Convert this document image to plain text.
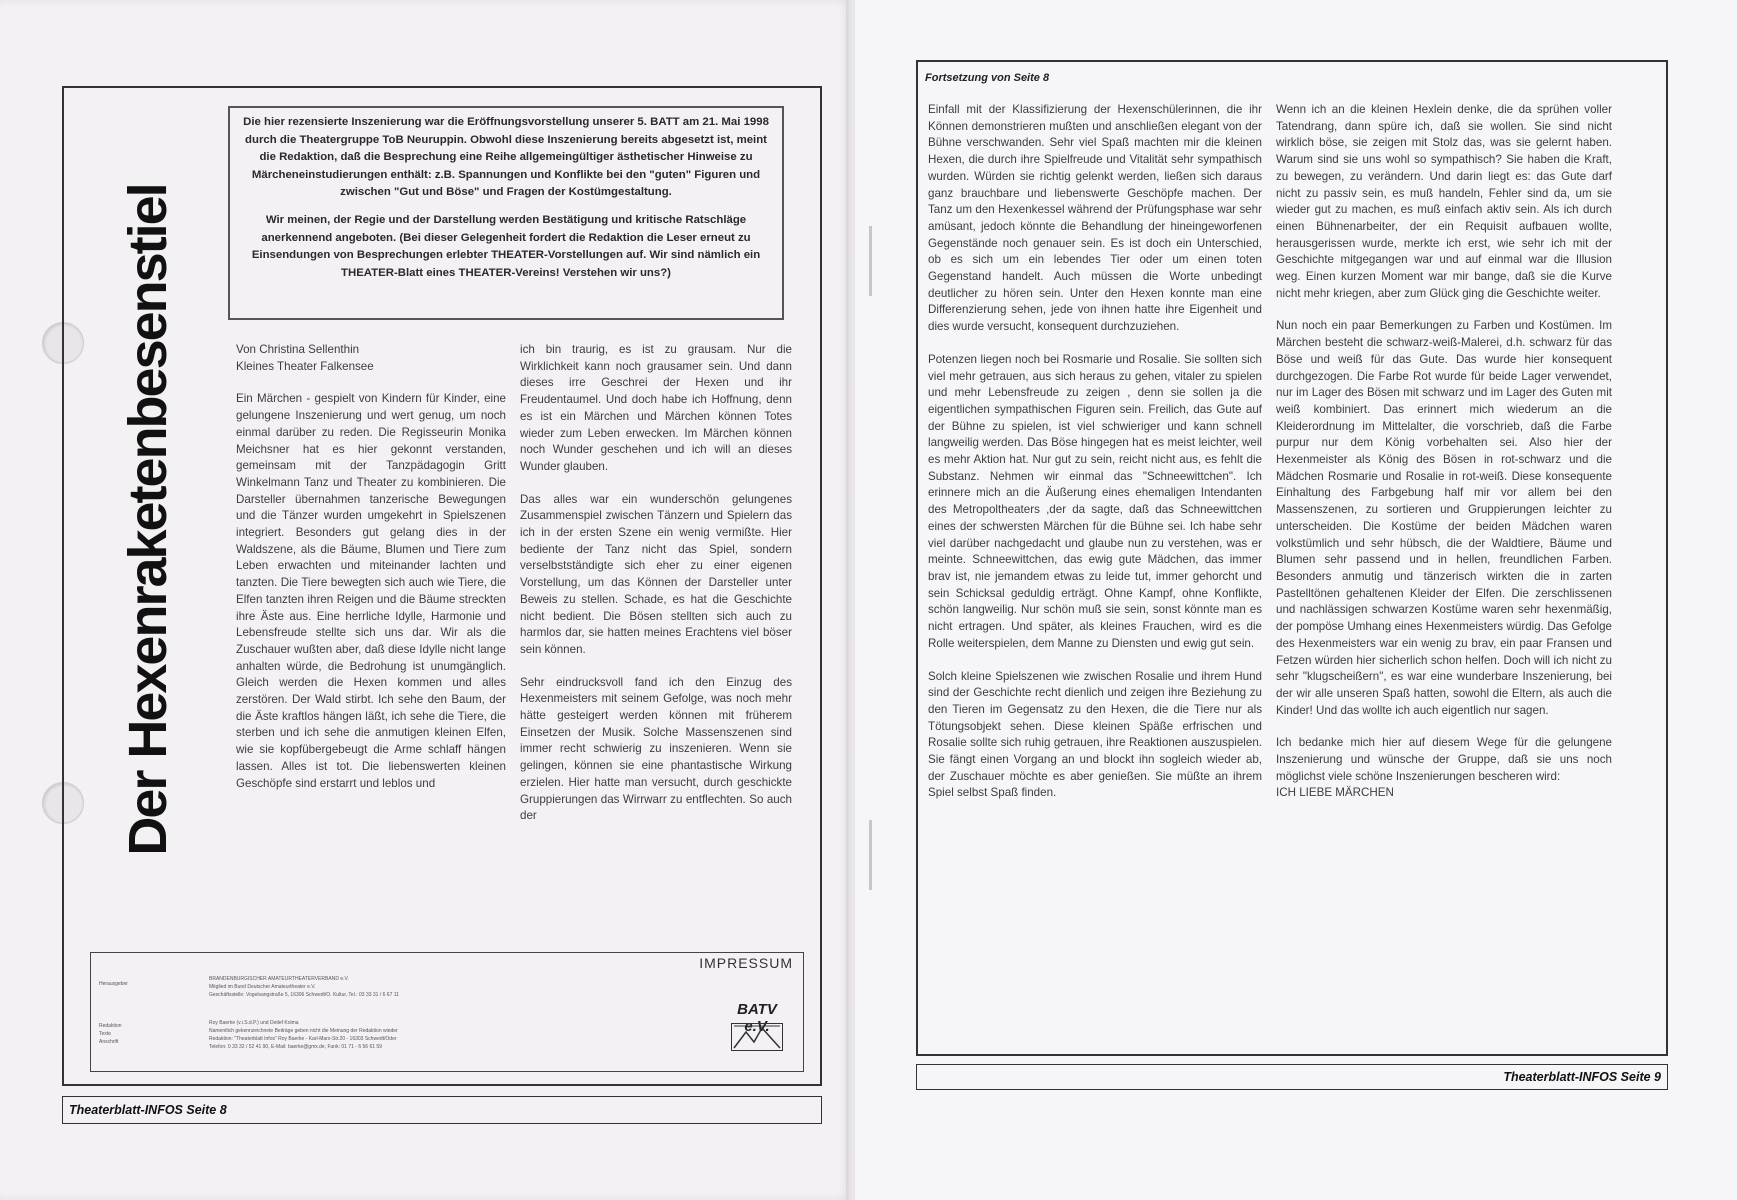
Der Hexenraketenbesenstiel

Die hier rezensierte Inszenierung war die Eröffnungsvorstellung unserer 5. BATT am 21. Mai 1998 durch die Theatergruppe ToB Neuruppin. Obwohl diese Inszenierung bereits abgesetzt ist, meint die Redaktion, daß die Besprechung eine Reihe allgemeingültiger ästhetischer Hinweise zu Märcheneinstudierungen enthält: z.B. Spannungen und Konflikte bei den "guten" Figuren und zwischen "Gut und Böse" und Fragen der Kostümgestaltung.

Wir meinen, der Regie und der Darstellung werden Bestätigung und kritische Ratschläge anerkennend angeboten. (Bei dieser Gelegenheit fordert die Redaktion die Leser erneut zu Einsendungen von Besprechungen erlebter THEATER-Vorstellungen auf. Wir sind nämlich ein THEATER-Blatt eines THEATER-Vereins! Verstehen wir uns?)

Von Christina Sellenthin
Kleines Theater Falkensee

Ein Märchen - gespielt von Kindern für Kinder, eine gelungene Inszenierung und wert genug, um noch einmal darüber zu reden. Die Regisseurin Monika Meichsner hat es hier gekonnt verstanden, gemeinsam mit der Tanzpädagogin Gritt Winkelmann Tanz und Theater zu kombinieren. Die Darsteller übernahmen tanzerische Bewegungen und die Tänzer wurden umgekehrt in Spielszenen integriert. Besonders gut gelang dies in der Waldszene, als die Bäume, Blumen und Tiere zum Leben erwachten und miteinander lachten und tanzten. Die Tiere bewegten sich auch wie Tiere, die Elfen tanzten ihren Reigen und die Bäume streckten ihre Äste aus. Eine herrliche Idylle, Harmonie und Lebensfreude stellte sich uns dar. Wir als die Zuschauer wußten aber, daß diese Idylle nicht lange anhalten würde, die Bedrohung ist unumgänglich. Gleich werden die Hexen kommen und alles zerstören. Der Wald stirbt. Ich sehe den Baum, der die Äste kraftlos hängen läßt, ich sehe die Tiere, die sterben und ich sehe die anmutigen kleinen Elfen, wie sie kopfübergebeugt die Arme schlaff hängen lassen. Alles ist tot. Die liebenswerten kleinen Geschöpfe sind erstarrt und leblos und

ich bin traurig, es ist zu grausam. Nur die Wirklichkeit kann noch grausamer sein. Und dann dieses irre Geschrei der Hexen und ihr Freudentaumel. Und doch habe ich Hoffnung, denn es ist ein Märchen und Märchen können Totes wieder zum Leben erwecken. Im Märchen können noch Wunder geschehen und ich will an dieses Wunder glauben.

Das alles war ein wunderschön gelungenes Zusammenspiel zwischen Tänzern und Spielern das ich in der ersten Szene ein wenig vermißte. Hier bediente der Tanz nicht das Spiel, sondern verselbstständigte sich eher zu einer eigenen Vorstellung, um das Können der Darsteller unter Beweis zu stellen. Schade, es hat die Geschichte nicht bedient. Die Bösen stellten sich auch zu harmlos dar, sie hatten meines Erachtens viel böser sein können.

Sehr eindrucksvoll fand ich den Einzug des Hexenmeisters mit seinem Gefolge, was noch mehr hätte gesteigert werden können mit früherem Einsetzen der Musik. Solche Massenszenen sind immer recht schwierig zu inszenieren. Wenn sie gelingen, können sie eine phantastische Wirkung erzielen. Hier hatte man versucht, durch geschickte Gruppierungen das Wirrwarr zu entflechten. So auch der

IMPRESSUM
Herausgeber
Redaktion
Texte
Anschrift
BRANDENBURGISCHER AMATEURTHEATERVERBAND e.V.
Mitglied im Bund Deutscher Amateurtheater e.V.
Geschäftsstelle: Vogelsangstraße 5, 16306 Schwedt/O. Kultur, Tel.: 03 33 31 / 6 67 11
Roy Baerke (v.i.S.d.P.) und Detlef Kolma
Namentlich gekennzeichnete Beiträge geben nicht die Meinung der Redaktion wieder
Redaktion: "Theaterblatt Infos" Roy Baerke - Karl-Marx-Str.20 - 16303 Schwedt/Oder
Telefon: 0 33 32 / 52 41 90, E-Mail: baerke@gmx.de, Funk: 01 71 - 6 56 61 59
BATV e.V.
Theaterblatt-INFOS Seite 8
Fortsetzung von Seite 8

Einfall mit der Klassifizierung der Hexenschülerinnen, die ihr Können demonstrieren mußten und anschließen elegant von der Bühne verschwanden. Sehr viel Spaß machten mir die kleinen Hexen, die durch ihre Spielfreude und Vitalität sehr sympathisch wurden. Würden sie richtig gelenkt werden, ließen sich daraus ganz brauchbare und liebenswerte Geschöpfe machen. Der Tanz um den Hexenkessel während der Prüfungsphase war sehr amüsant, jedoch könnte die Behandlung der hineingeworfenen Gegenstände noch genauer sein. Es ist doch ein Unterschied, ob es sich um ein lebendes Tier oder um einen toten Gegenstand handelt. Auch müssen die Worte unbedingt deutlicher zu hören sein. Unter den Hexen konnte man eine Differenzierung sehen, jede von ihnen hatte ihre Eigenheit und dies wurde versucht, konsequent durchzuziehen.

Potenzen liegen noch bei Rosmarie und Rosalie. Sie sollten sich viel mehr getrauen, aus sich heraus zu gehen, vitaler zu spielen und mehr Lebensfreude zu zeigen , denn sie sollen ja die eigentlichen sympathischen Figuren sein. Freilich, das Gute auf der Bühne zu spielen, ist viel schwieriger und kann schnell langweilig werden. Das Böse hingegen hat es meist leichter, weil es mehr Aktion hat. Nur gut zu sein, reicht nicht aus, es fehlt die Substanz. Nehmen wir einmal das "Schneewittchen". Ich erinnere mich an die Äußerung eines ehemaligen Intendanten des Metropoltheaters ,der da sagte, daß das Schneewittchen eines der schwersten Märchen für die Bühne sei. Ich habe sehr viel darüber nachgedacht und glaube nun zu verstehen, was er meinte. Schneewittchen, das ewig gute Mädchen, das immer brav ist, nie jemandem etwas zu leide tut, immer gehorcht und sein Schicksal geduldig erträgt. Ohne Kampf, ohne Konflikte, schön langweilig. Nur schön muß sie sein, sonst könnte man es nicht ertragen. Und später, als kleines Frauchen, wird es die Rolle weiterspielen, dem Manne zu Diensten und ewig gut sein.

Solch kleine Spielszenen wie zwischen Rosalie und ihrem Hund sind der Geschichte recht dienlich und zeigen ihre Beziehung zu den Tieren im Gegensatz zu den Hexen, die die Tiere nur als Tötungsobjekt sehen. Diese kleinen Späße erfrischen und Rosalie sollte sich ruhig getrauen, ihre Reaktionen auszuspielen. Sie fängt einen Vorgang an und blockt ihn sogleich wieder ab, der Zuschauer möchte es aber genießen. Sie müßte an ihrem Spiel selbst Spaß finden.

Wenn ich an die kleinen Hexlein denke, die da sprühen voller Tatendrang, dann spüre ich, daß sie wollen. Sie sind nicht wirklich böse, sie zeigen mit Stolz das, was sie gelernt haben. Warum sind sie uns wohl so sympathisch? Sie haben die Kraft, zu bewegen, zu verändern. Und darin liegt es: das Gute darf nicht zu passiv sein, es muß handeln, Fehler sind da, um sie wieder gut zu machen, es muß einfach aktiv sein. Als ich durch einen Bühnenarbeiter, der ein Requisit aufbauen wollte, herausgerissen wurde, merkte ich erst, wie sehr ich mit der Geschichte mitgegangen war und auf einmal war die Illusion weg. Einen kurzen Moment war mir bange, daß sie die Kurve nicht mehr kriegen, aber zum Glück ging die Geschichte weiter.

Nun noch ein paar Bemerkungen zu Farben und Kostümen. Im Märchen besteht die schwarz-weiß-Malerei, d.h. schwarz für das Böse und weiß für das Gute. Das wurde hier konsequent durchgezogen. Die Farbe Rot wurde für beide Lager verwendet, nur im Lager des Bösen mit schwarz und im Lager des Guten mit weiß kombiniert. Das erinnert mich wiederum an die Kleiderordnung im Mittelalter, die vorschrieb, daß die Farbe purpur nur dem König vorbehalten sei. Also hier der Hexenmeister als König des Bösen in rot-schwarz und die Mädchen Rosmarie und Rosalie in rot-weiß. Diese konsequente Einhaltung des Farbgebung half mir vor allem bei den Massenszenen, zu sortieren und Gruppierungen leichter zu unterscheiden. Die Kostüme der beiden Mädchen waren volkstümlich und sehr hübsch, die der Waldtiere, Bäume und Blumen sehr passend und in hellen, freundlichen Farben. Besonders anmutig und tänzerisch wirkten die in zarten Pastelltönen gehaltenen Kleider der Elfen. Die zerschlissenen und nachlässigen schwarzen Kostüme waren sehr hexenmäßig, der pompöse Umhang eines Hexenmeisters würdig. Das Gefolge des Hexenmeisters war ein wenig zu brav, ein paar Fransen und Fetzen würden hier sicherlich schon helfen. Doch will ich nicht zu sehr "klugscheißern", es war eine wunderbare Inszenierung, bei der wir alle unseren Spaß hatten, sowohl die Eltern, als auch die Kinder! Und das wollte ich auch eigentlich nur sagen.

Ich bedanke mich hier auf diesem Wege für die gelungene Inszenierung und wünsche der Gruppe, daß sie uns noch möglichst viele schöne Inszenierungen bescheren wird:
ICH LIEBE MÄRCHEN

Theaterblatt-INFOS Seite 9
